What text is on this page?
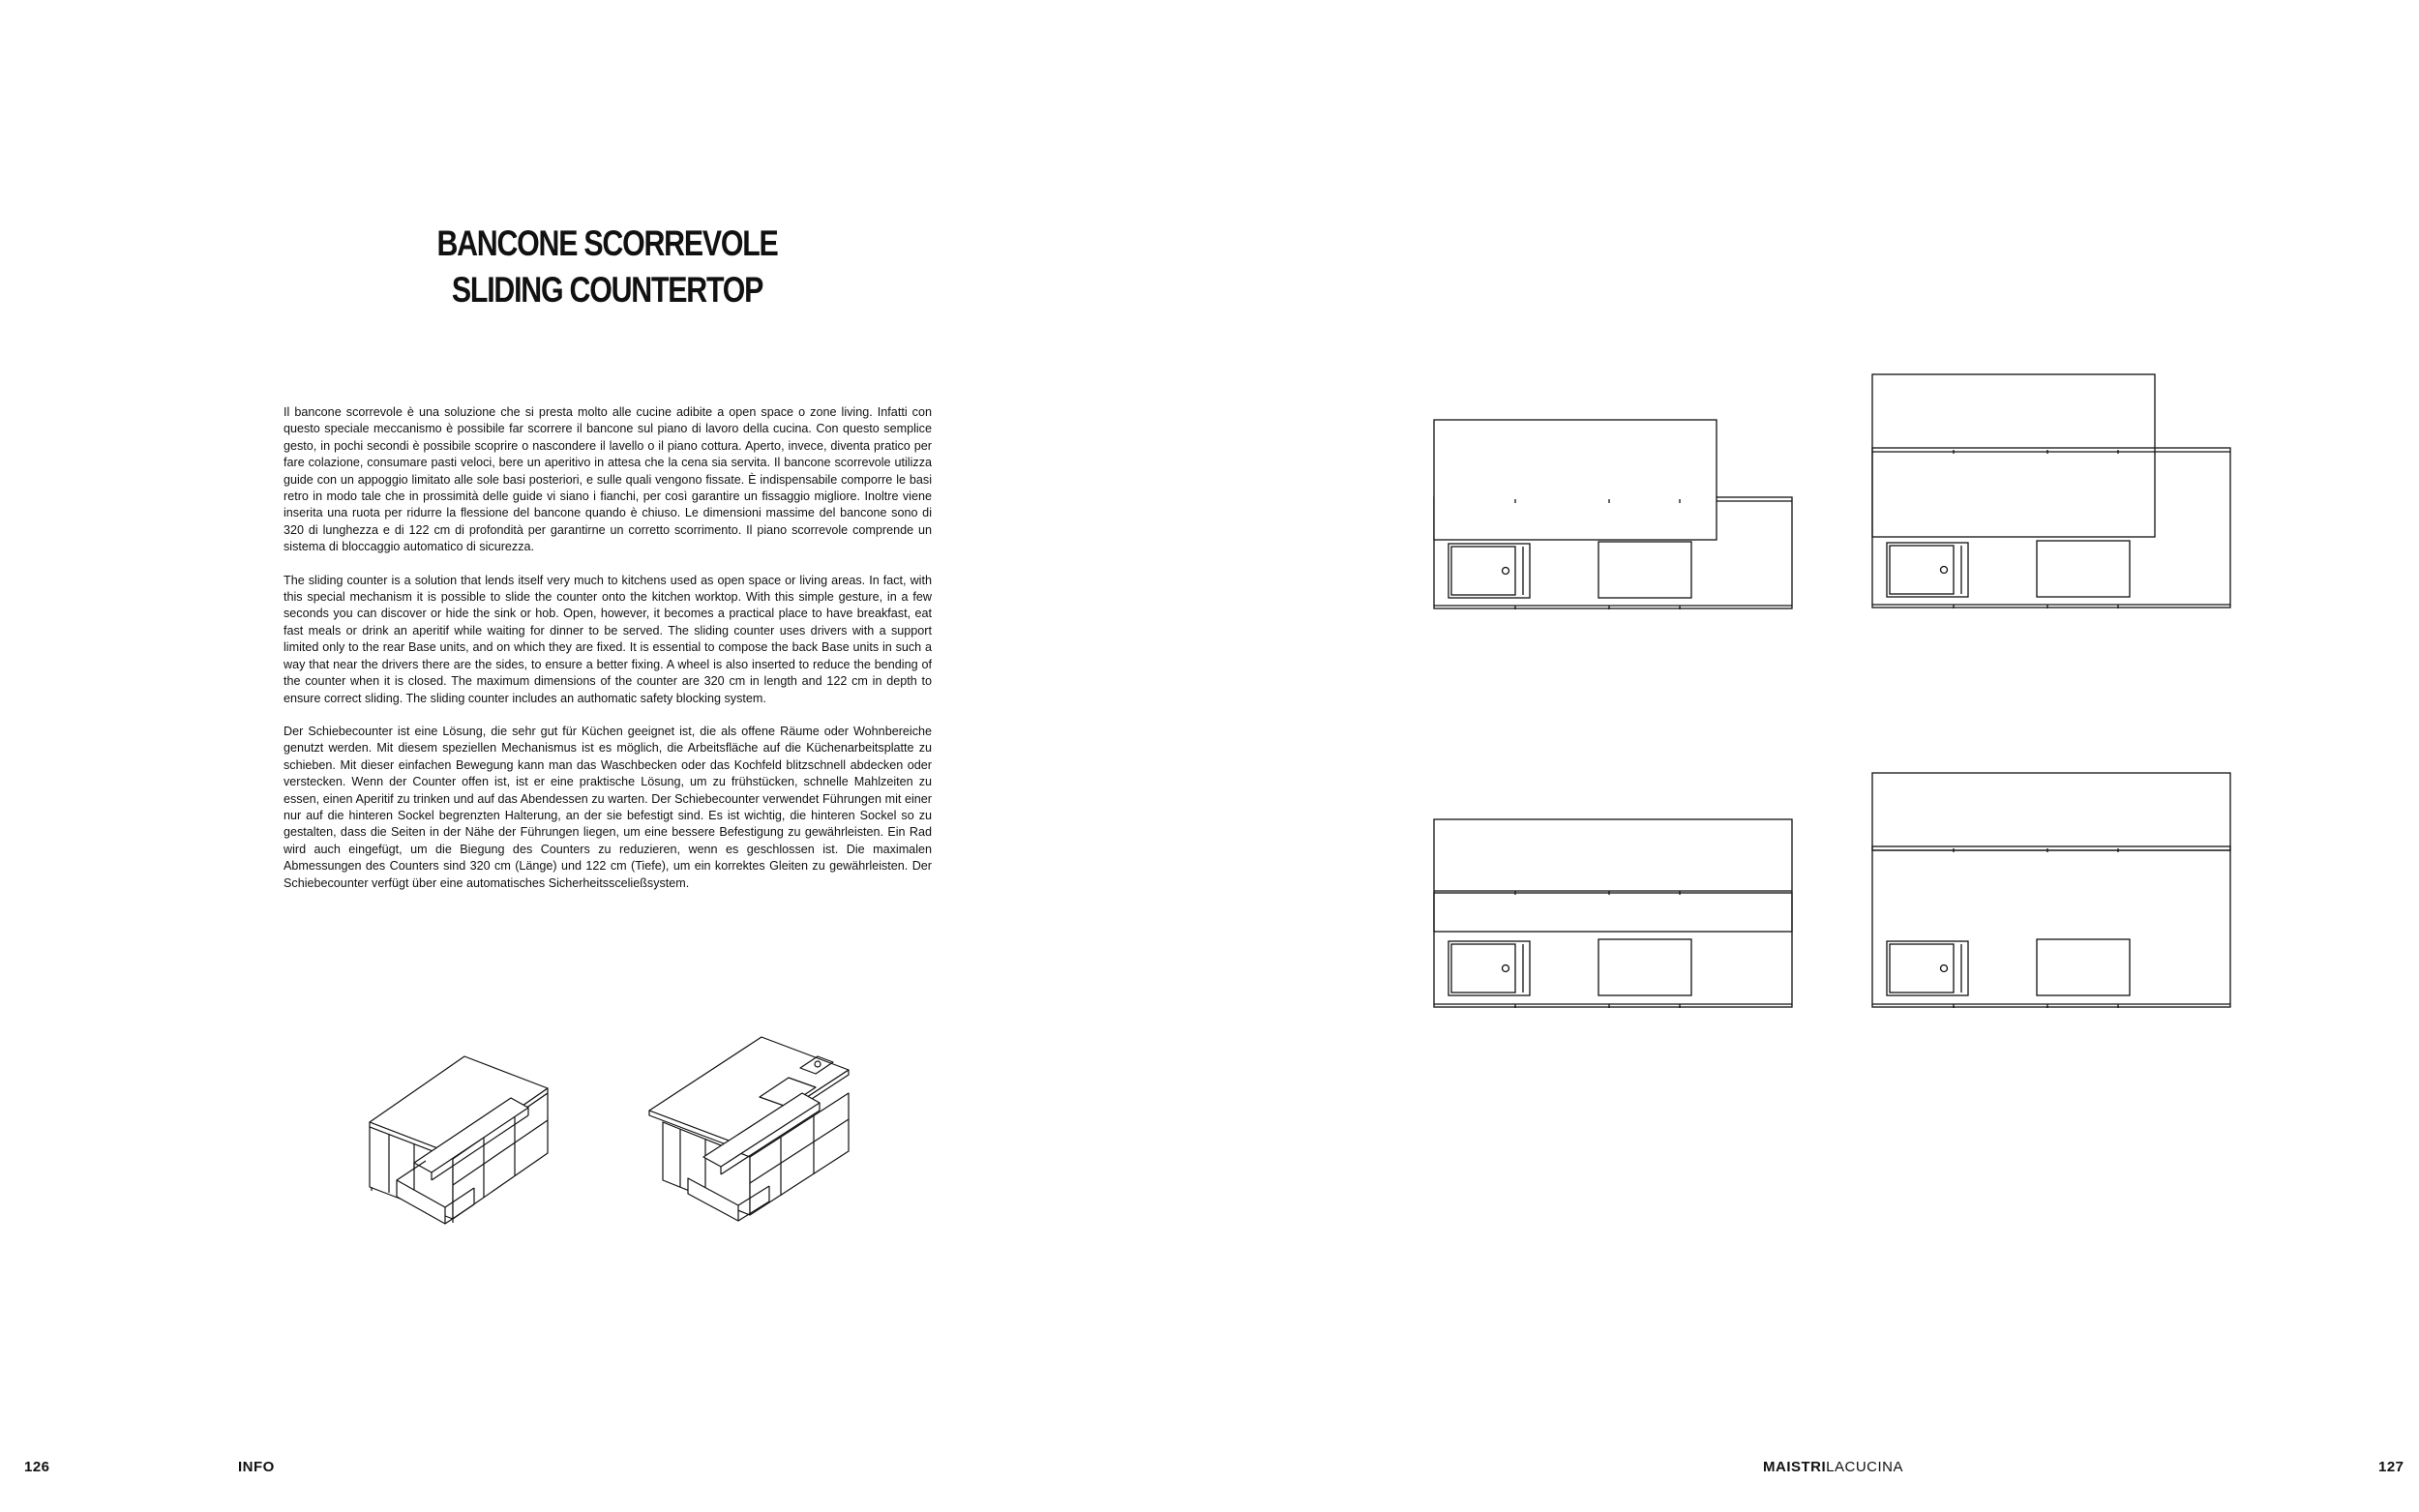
BANCONE SCORREVOLE
SLIDING COUNTERTOP

Il bancone scorrevole è una soluzione che si presta molto alle cucine adibite a open space o zone living. Infatti con questo speciale meccanismo è possibile far scorrere il bancone sul piano di lavoro della cucina. Con questo semplice gesto, in pochi secondi è possibile scoprire o nascondere il lavello o il piano cottura. Aperto, invece, diventa pratico per fare colazione, consumare pasti veloci, bere un aperitivo in attesa che la cena sia servita. Il bancone scorrevole utilizza guide con un appoggio limitato alle sole basi posteriori, e sulle quali vengono fissate. È indispensabile comporre le basi retro in modo tale che in prossimità delle guide vi siano i fianchi, per così garantire un fissaggio migliore. Inoltre viene inserita una ruota per ridurre la flessione del bancone quando è chiuso. Le dimensioni massime del bancone sono di 320 di lunghezza e di 122 cm di profondità per garantirne un corretto scorrimento. Il piano scorrevole comprende un sistema di bloccaggio automatico di sicurezza.

The sliding counter is a solution that lends itself very much to kitchens used as open space or living areas. In fact, with this special mechanism it is possible to slide the counter onto the kitchen worktop. With this simple gesture, in a few seconds you can discover or hide the sink or hob. Open, however, it becomes a practical place to have breakfast, eat fast meals or drink an aperitif while waiting for dinner to be served. The sliding counter uses drivers with a support limited only to the rear Base units, and on which they are fixed. It is essential to compose the back Base units in such a way that near the drivers there are the sides, to ensure a better fixing. A wheel is also inserted to reduce the bending of the counter when it is closed. The maximum dimensions of the counter are 320 cm in length and 122 cm in depth to ensure correct sliding. The sliding counter includes an authomatic safety blocking system.

Der Schiebecounter ist eine Lösung, die sehr gut für Küchen geeignet ist, die als offene Räume oder Wohnbereiche genutzt werden. Mit diesem speziellen Mechanismus ist es möglich, die Arbeitsfläche auf die Küchenarbeitsplatte zu schieben. Mit dieser einfachen Bewegung kann man das Waschbecken oder das Kochfeld blitzschnell abdecken oder verstecken. Wenn der Counter offen ist, ist er eine praktische Lösung, um zu frühstücken, schnelle Mahlzeiten zu essen, einen Aperitif zu trinken und auf das Abendessen zu warten. Der Schiebecounter verwendet Führungen mit einer nur auf die hinteren Sockel begrenzten Halterung, an der sie befestigt sind. Es ist wichtig, die hinteren Sockel so zu gestalten, dass die Seiten in der Nähe der Führungen liegen, um eine bessere Befestigung zu gewährleisten. Ein Rad wird auch eingefügt, um die Biegung des Counters zu reduzieren, wenn es geschlossen ist. Die maximalen Abmessungen des Counters sind 320 cm (Länge) und 122 cm (Tiefe), um ein korrektes Gleiten zu gewährleisten. Der Schiebecounter verfügt über eine automatisches Sicherheitssceließsystem.

126	INFO	MAISTRILACUCINA	127
